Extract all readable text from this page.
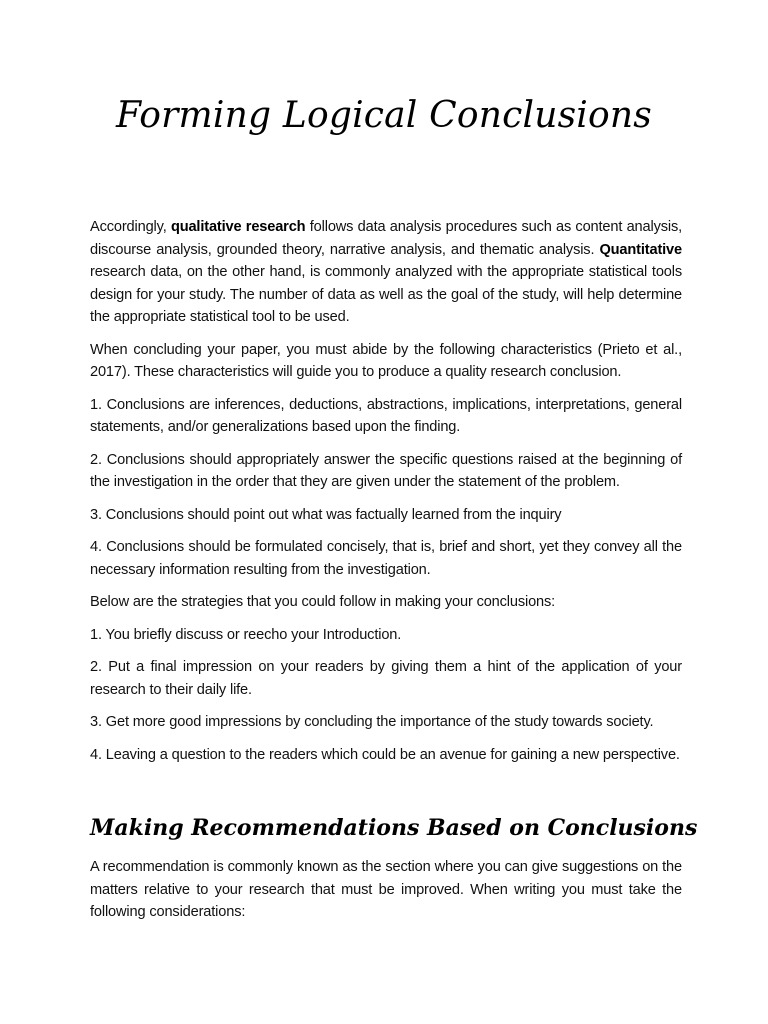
Forming Logical Conclusions

Accordingly, qualitative research follows data analysis procedures such as content analysis, discourse analysis, grounded theory, narrative analysis, and thematic analysis. Quantitative research data, on the other hand, is commonly analyzed with the appropriate statistical tools design for your study. The number of data as well as the goal of the study, will help determine the appropriate statistical tool to be used.

When concluding your paper, you must abide by the following characteristics (Prieto et al., 2017). These characteristics will guide you to produce a quality research conclusion.

1. Conclusions are inferences, deductions, abstractions, implications, interpretations, general statements, and/or generalizations based upon the finding.

2. Conclusions should appropriately answer the specific questions raised at the beginning of the investigation in the order that they are given under the statement of the problem.

3. Conclusions should point out what was factually learned from the inquiry

4. Conclusions should be formulated concisely, that is, brief and short, yet they convey all the necessary information resulting from the investigation.

Below are the strategies that you could follow in making your conclusions:

1. You briefly discuss or reecho your Introduction.

2. Put a final impression on your readers by giving them a hint of the application of your research to their daily life.

3. Get more good impressions by concluding the importance of the study towards society.

4. Leaving a question to the readers which could be an avenue for gaining a new perspective.

Making Recommendations Based on Conclusions

A recommendation is commonly known as the section where you can give suggestions on the matters relative to your research that must be improved. When writing you must take the following considerations:
